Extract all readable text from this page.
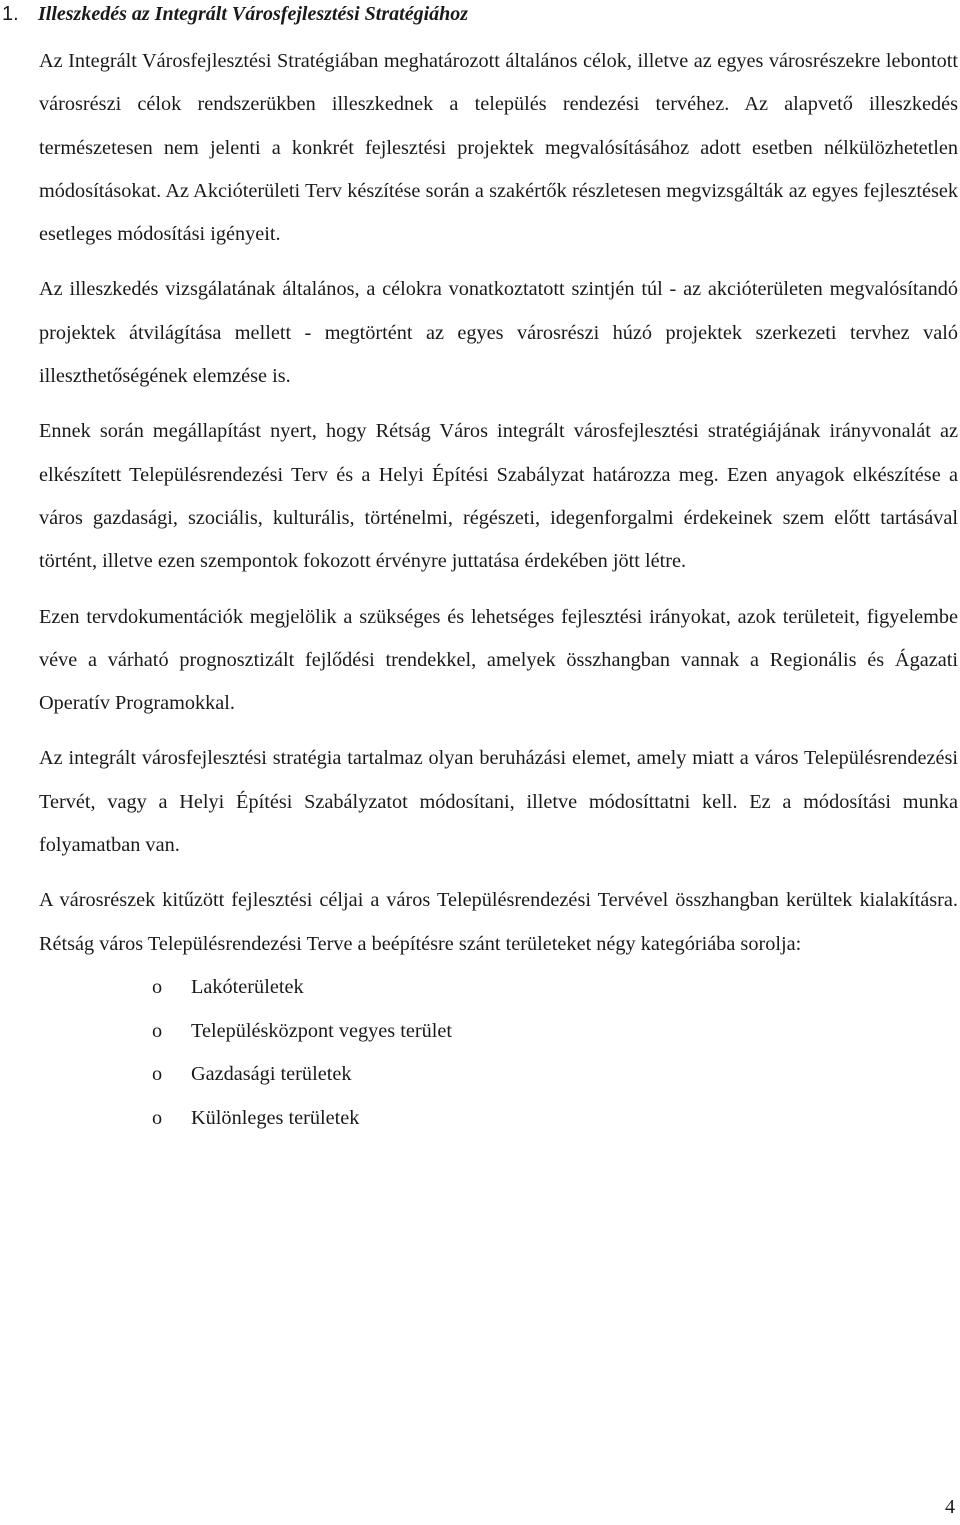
1. Illeszkedés az Integrált Városfejlesztési Stratégiához

Az Integrált Városfejlesztési Stratégiában meghatározott általános célok, illetve az egyes városrészekre lebontott városrészi célok rendszerükben illeszkednek a település rendezési tervéhez. Az alapvető illeszkedés természetesen nem jelenti a konkrét fejlesztési projektek megvalósításához adott esetben nélkülözhetetlen módosításokat. Az Akcióterületi Terv készítése során a szakértők részletesen megvizsgálták az egyes fejlesztések esetleges módosítási igényeit.

Az illeszkedés vizsgálatának általános, a célokra vonatkoztatott szintjén túl - az akcióterületen megvalósítandó projektek átvilágítása mellett - megtörtént az egyes városrészi húzó projektek szerkezeti tervhez való illeszthetőségének elemzése is.

Ennek során megállapítást nyert, hogy Rétság Város integrált városfejlesztési stratégiájának irányvonalát az elkészített Településrendezési Terv és a Helyi Építési Szabályzat határozza meg. Ezen anyagok elkészítése a város gazdasági, szociális, kulturális, történelmi, régészeti, idegenforgalmi érdekeinek szem előtt tartásával történt, illetve ezen szempontok fokozott érvényre juttatása érdekében jött létre.

Ezen tervdokumentációk megjelölik a szükséges és lehetséges fejlesztési irányokat, azok területeit, figyelembe véve a várható prognosztizált fejlődési trendekkel, amelyek összhangban vannak a Regionális és Ágazati Operatív Programokkal.

Az integrált városfejlesztési stratégia tartalmaz olyan beruházási elemet, amely miatt a város Településrendezési Tervét, vagy a Helyi Építési Szabályzatot módosítani, illetve módosíttatni kell. Ez a módosítási munka folyamatban van.

A városrészek kitűzött fejlesztési céljai a város Településrendezési Tervével összhangban kerültek kialakításra. Rétság város Településrendezési Terve a beépítésre szánt területeket négy kategóriába sorolja:

o Lakóterületek
o Településközpont vegyes terület
o Gazdasági területek
o Különleges területek
4
